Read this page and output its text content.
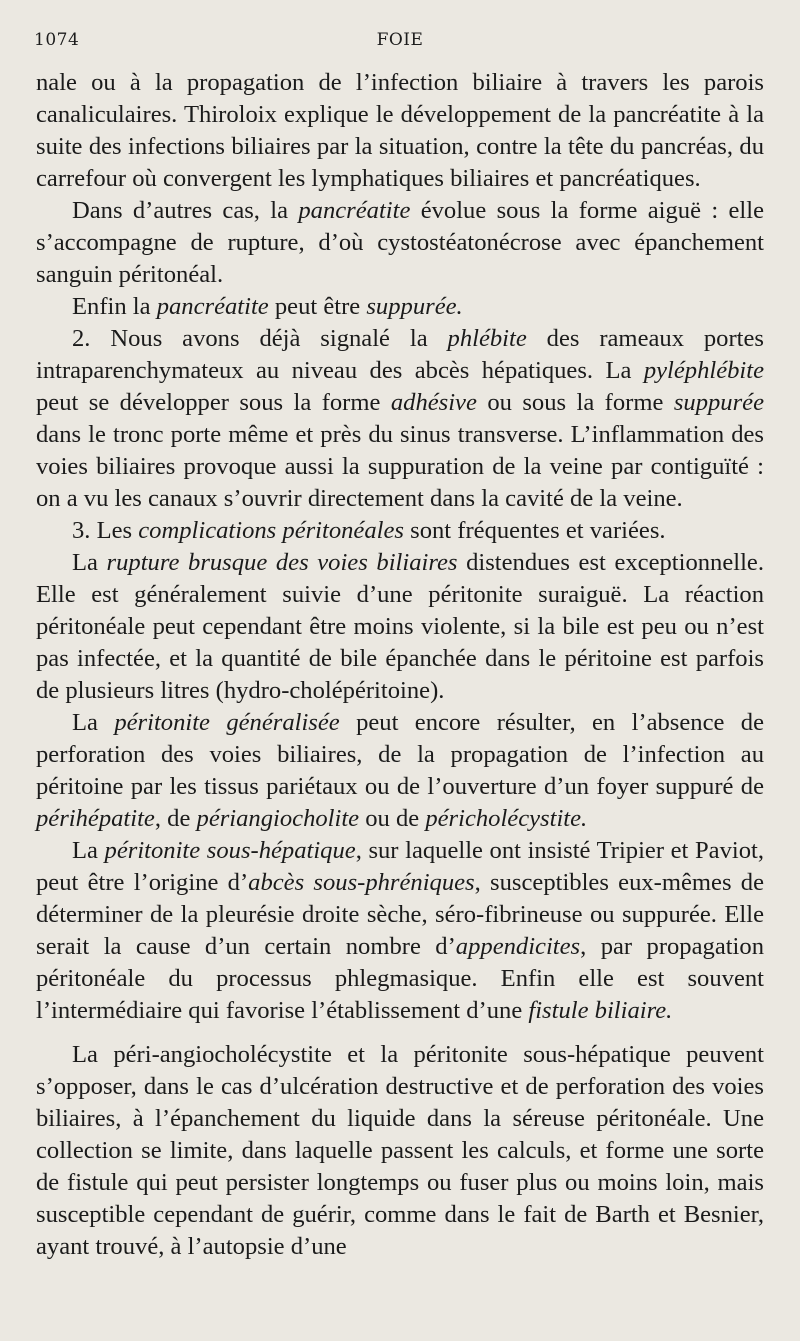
1074	FOIE

nale ou à la propagation de l’infection biliaire à travers les parois canaliculaires. Thiroloix explique le développement de la pancréatite à la suite des infections biliaires par la situation, contre la tête du pancréas, du carrefour où convergent les lymphatiques biliaires et pancréatiques.

Dans d’autres cas, la pancréatite évolue sous la forme aiguë : elle s’accompagne de rupture, d’où cystostéatonécrose avec épanchement sanguin péritonéal.

Enfin la pancréatite peut être suppurée.

2. Nous avons déjà signalé la phlébite des rameaux portes intraparenchymateux au niveau des abcès hépatiques. La pyléphlébite peut se développer sous la forme adhésive ou sous la forme suppurée dans le tronc porte même et près du sinus transverse. L’inflammation des voies biliaires provoque aussi la suppuration de la veine par contiguïté : on a vu les canaux s’ouvrir directement dans la cavité de la veine.

3. Les complications péritonéales sont fréquentes et variées.

La rupture brusque des voies biliaires distendues est exceptionnelle. Elle est généralement suivie d’une péritonite suraiguë. La réaction péritonéale peut cependant être moins violente, si la bile est peu ou n’est pas infectée, et la quantité de bile épanchée dans le péritoine est parfois de plusieurs litres (hydro-cholépéritoine).

La péritonite généralisée peut encore résulter, en l’absence de perforation des voies biliaires, de la propagation de l’infection au péritoine par les tissus pariétaux ou de l’ouverture d’un foyer suppuré de périhépatite, de périangiocholite ou de péricholécystite.

La péritonite sous-hépatique, sur laquelle ont insisté Tripier et Paviot, peut être l’origine d’abcès sous-phréniques, susceptibles eux-mêmes de déterminer de la pleurésie droite sèche, séro-fibrineuse ou suppurée. Elle serait la cause d’un certain nombre d’appendicites, par propagation péritonéale du processus phlegmasique. Enfin elle est souvent l’intermédiaire qui favorise l’établissement d’une fistule biliaire.

La péri-angiocholécystite et la péritonite sous-hépatique peuvent s’opposer, dans le cas d’ulcération destructive et de perforation des voies biliaires, à l’épanchement du liquide dans la séreuse péritonéale. Une collection se limite, dans laquelle passent les calculs, et forme une sorte de fistule qui peut persister longtemps ou fuser plus ou moins loin, mais susceptible cependant de guérir, comme dans le fait de Barth et Besnier, ayant trouvé, à l’autopsie d’une
